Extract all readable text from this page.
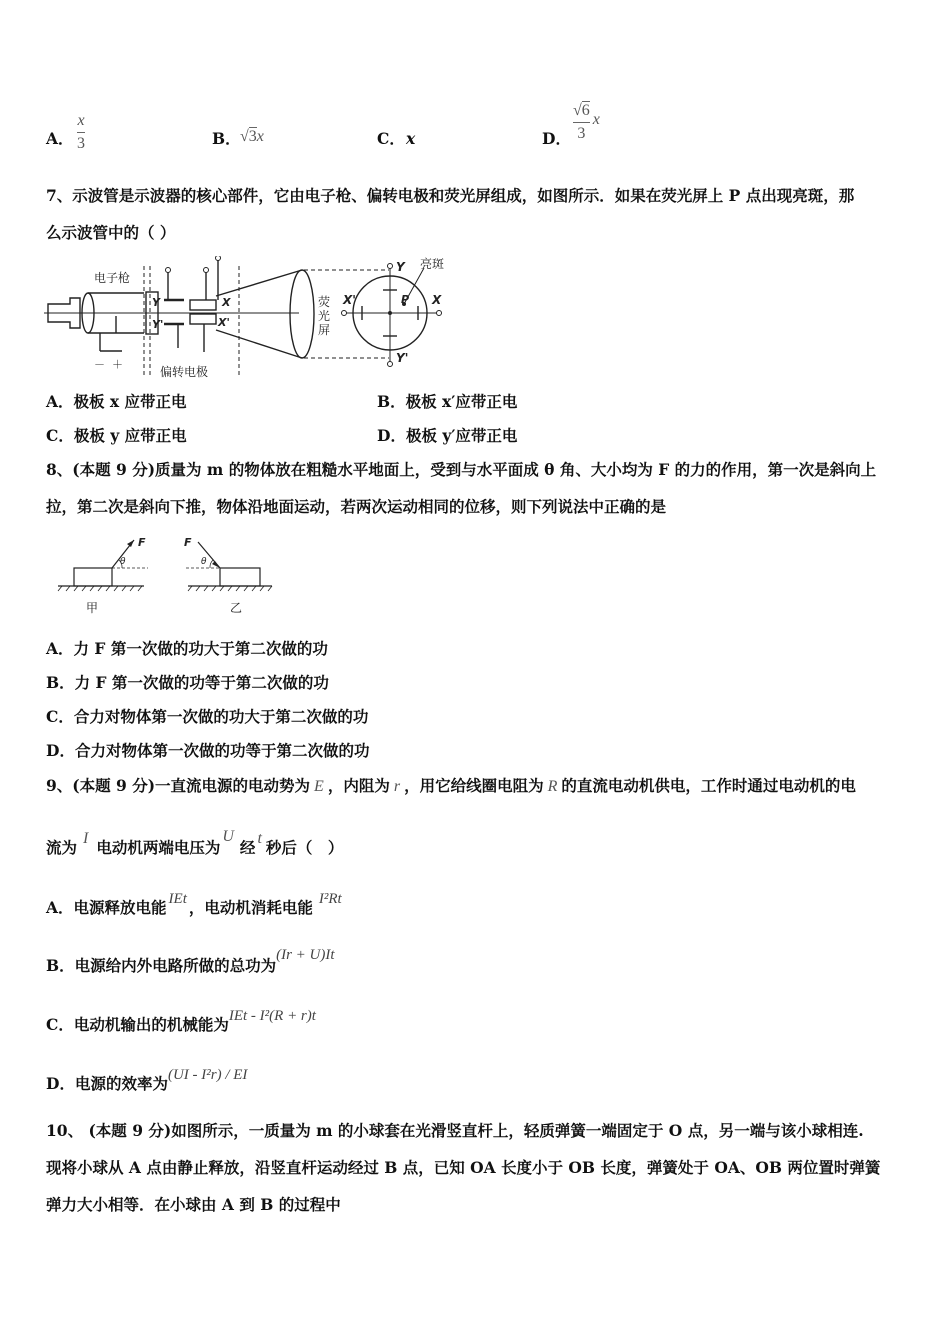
A． $\frac{x}{3}$	B． √3x	C． x	D． $\frac{√6}{3}$ x
7、示波管是示波器的核心部件，它由电子枪、偏转电极和荧光屏组成，如图所示．如果在荧光屏上 P 点出现亮斑，那
么示波管中的（ ）
电子枪
偏转电极
荧
光
屏
亮斑
Y
Y'
X
X'	P
Y
Y'
X
X'
－ ＋
A．极板 x 应带正电	B．极板 x′应带正电
C．极板 y 应带正电	D．极板 y′应带正电
8、(本题 9 分)质量为 m 的物体放在粗糙水平地面上，受到与水平面成 θ 角、大小均为 F 的力的作用，第一次是斜向上
拉，第二次是斜向下推，物体沿地面运动，若两次运动相同的位移，则下列说法中正确的是
F
θ
F
θ
甲	乙
A．力 F 第一次做的功大于第二次做的功
B．力 F 第一次做的功等于第二次做的功
C．合力对物体第一次做的功大于第二次做的功
D．合力对物体第一次做的功等于第二次做的功
9、(本题 9 分)一直流电源的电动势为 E ，内阻为 r ，用它给线圈电阻为 R 的直流电动机供电，工作时通过电动机的电
流为 I 电动机两端电压为U经 t 秒后（　）
A．电源释放电能 IEt ，电动机消耗电能 I²Rt
B．电源给内外电路所做的总功为(Ir + U)It
C．电动机输出的机械能为IEt - I²(R + r)t
D．电源的效率为(UI - I²r) / EI
10、 (本题 9 分)如图所示，一质量为 m 的小球套在光滑竖直杆上，轻质弹簧一端固定于 O 点，另一端与该小球相连.
现将小球从 A 点由静止释放，沿竖直杆运动经过 B 点，已知 OA 长度小于 OB 长度，弹簧处于 OA、OB 两位置时弹簧
弹力大小相等．在小球由 A 到 B 的过程中
